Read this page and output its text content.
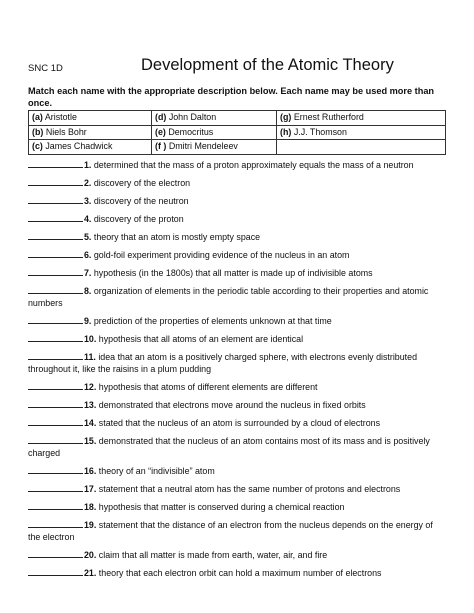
SNC 1D	Development of the Atomic Theory
Match each name with the appropriate description below. Each name may be used more than once.
(a) Aristotle	(d) John Dalton	(g) Ernest Rutherford
(b) Niels Bohr	(e) Democritus	(h) J.J. Thomson
(c) James Chadwick	(f ) Dmitri Mendeleev	
1. determined that the mass of a proton approximately equals the mass of a neutron
2. discovery of the electron
3. discovery of the neutron
4. discovery of the proton
5. theory that an atom is mostly empty space
6. gold-foil experiment providing evidence of the nucleus in an atom
7. hypothesis (in the 1800s) that all matter is made up of indivisible atoms
8. organization of elements in the periodic table according to their properties and atomic numbers
9. prediction of the properties of elements unknown at that time
10. hypothesis that all atoms of an element are identical
11. idea that an atom is a positively charged sphere, with electrons evenly distributed throughout it, like the raisins in a plum pudding
12. hypothesis that atoms of different elements are different
13. demonstrated that electrons move around the nucleus in fixed orbits
14. stated that the nucleus of an atom is surrounded by a cloud of electrons
15. demonstrated that the nucleus of an atom contains most of its mass and is positively charged
16. theory of an “indivisible” atom
17. statement that a neutral atom has the same number of protons and electrons
18. hypothesis that matter is conserved during a chemical reaction
19. statement that the distance of an electron from the nucleus depends on the energy of the electron
20. claim that all matter is made from earth, water, air, and fire
21. theory that each electron orbit can hold a maximum number of electrons
